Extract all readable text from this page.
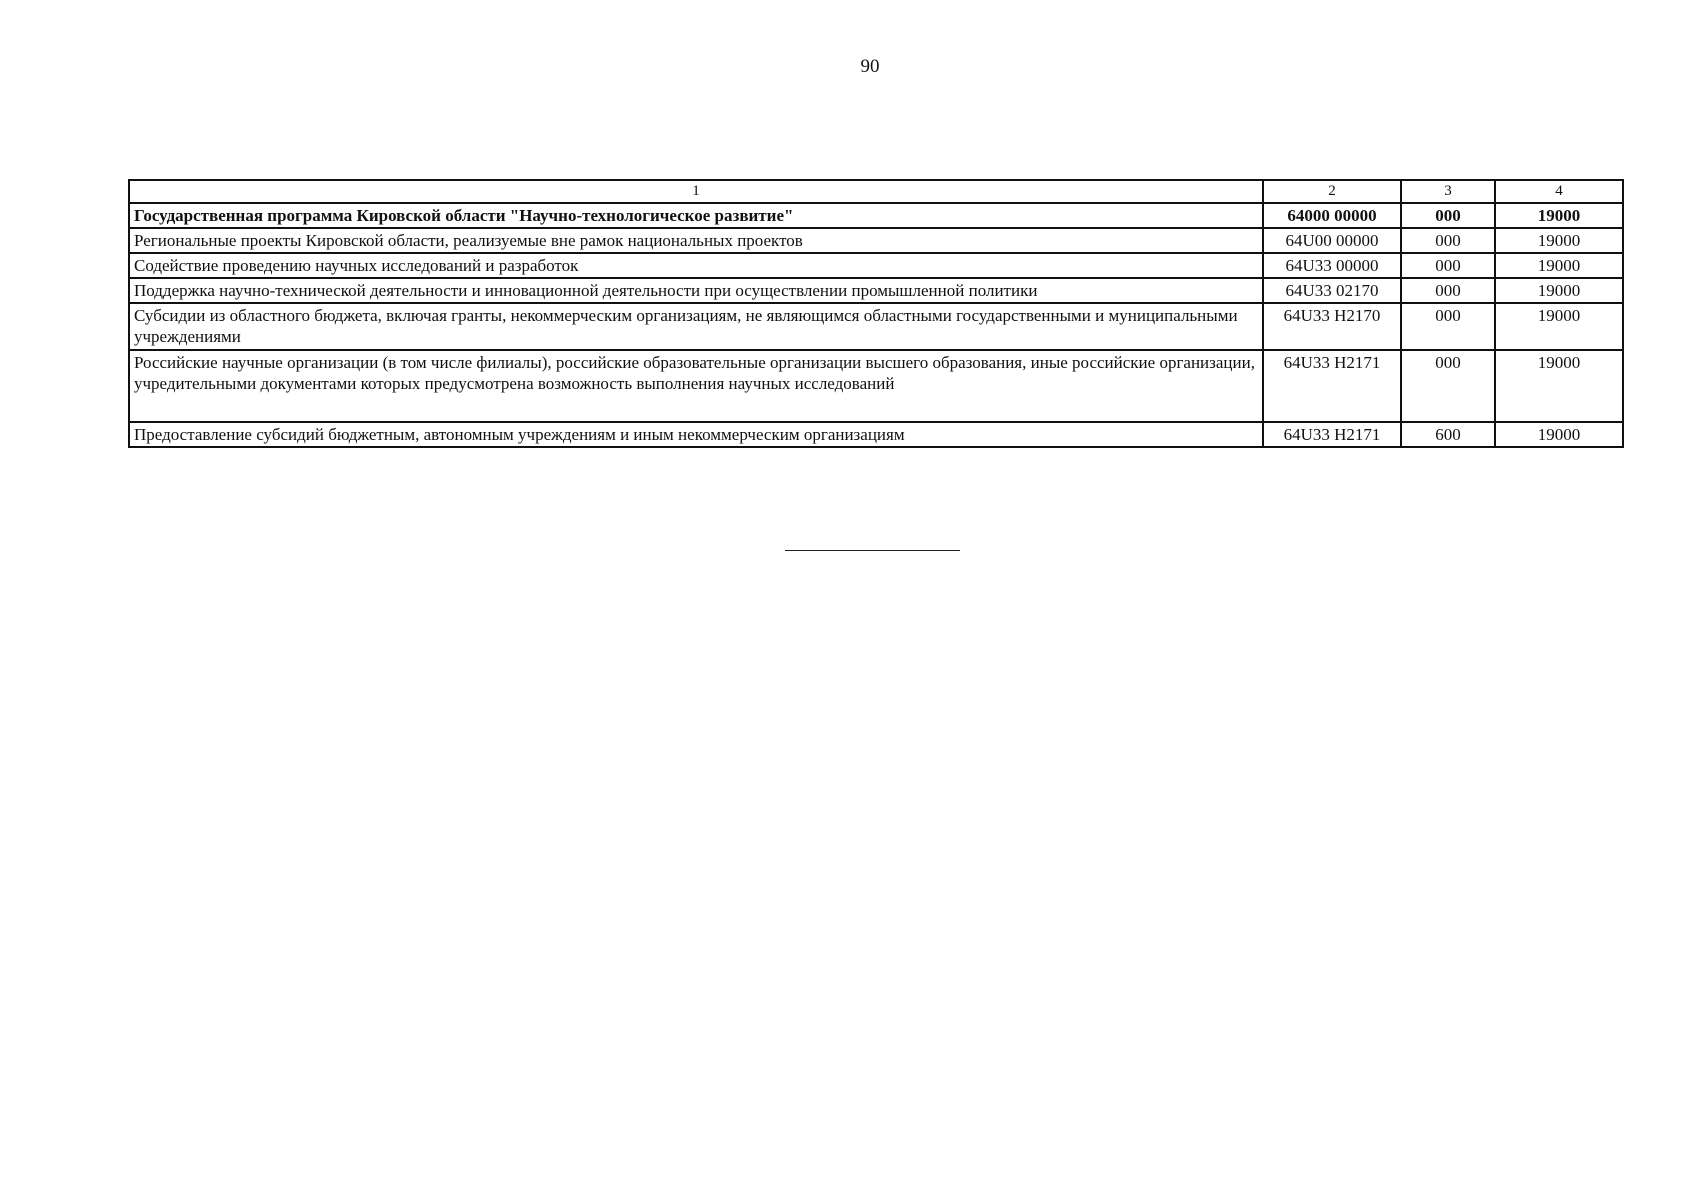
90
1	2	3	4
Государственная программа Кировской области "Научно-технологическое развитие"	64000 00000	000	19000
Региональные проекты Кировской области, реализуемые вне рамок национальных проектов	64U00 00000	000	19000
Содействие проведению научных исследований и разработок	64U33 00000	000	19000
Поддержка научно-технической деятельности и инновационной деятельности при осуществлении промышленной политики	64U33 02170	000	19000
Субсидии из областного бюджета, включая гранты, некоммерческим организациям, не являющимся областными государственными и муниципальными учреждениями	64U33 H2170	000	19000
Российские научные организации (в том числе филиалы), российские образовательные организации высшего образования, иные российские организации, учредительными документами которых предусмотрена возможность выполнения научных исследований	64U33 H2171	000	19000
Предоставление субсидий бюджетным, автономным учреждениям и иным некоммерческим организациям	64U33 H2171	600	19000
